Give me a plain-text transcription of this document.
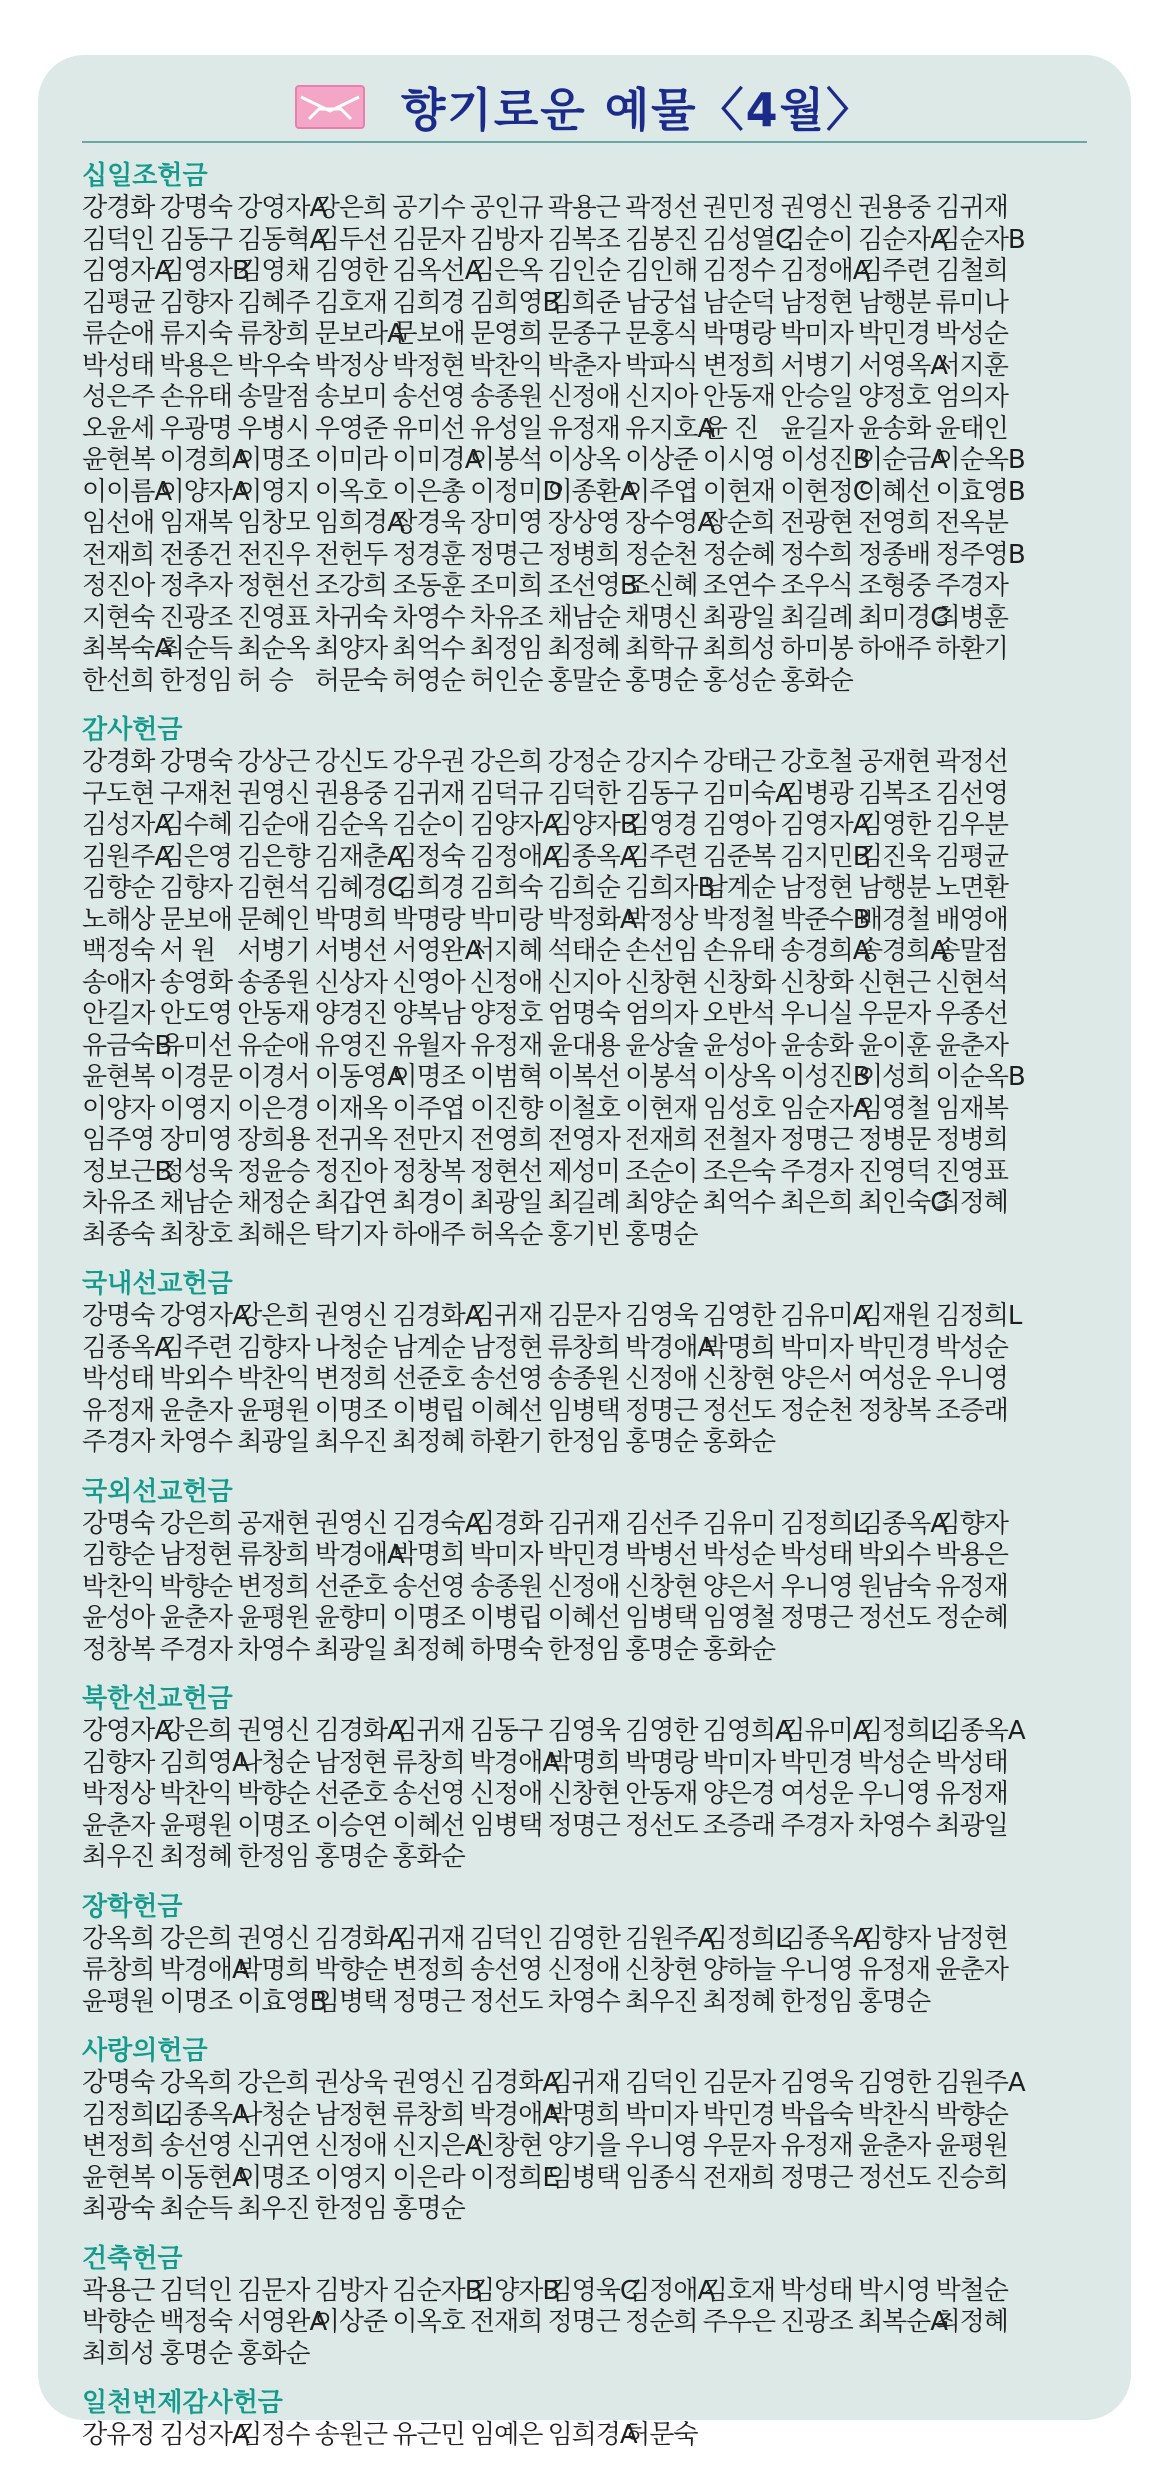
향기로운 예물〈4월〉
십일조헌금
강경화 강명숙 강영자A
강은희 공기수 공인규 곽용근 곽정선 권민정 권영신 권용중 김귀재
김덕인 김동구 김동혁A
김두선 김문자 김방자 김복조 김봉진 김성열C
김순이 김순자A
김순자B
김영자A
김영자B
김영채 김영한 김옥선A
김은옥 김인순 김인해 김정수 김정애A
김주련 김철희
김평균 김향자 김혜주 김호재 김희경 김희영B
김희준 남궁섭 남순덕 남정현 남행분 류미나
류순애 류지숙 류창희 문보라A
문보애 문영희 문종구 문홍식 박명랑 박미자 박민경 박성순
박성태 박용은 박우숙 박정상 박정현 박찬익 박춘자 박파식 변정희 서병기 서영옥A
서지훈
성은주 손유태 송말점 송보미 송선영 송종원 신정애 신지아 안동재 안승일 양정호 엄의자
오윤세 우광명 우병시 우영준 유미선 유성일 유정재 유지호A
윤 진 윤길자 윤송화 윤태인
윤현복 이경희A
이명조 이미라 이미경A
이봉석 이상옥 이상준 이시영 이성진B
이순금A
이순옥B
이이름A
이양자A
이영지 이옥호 이은총 이정미D
이종환A
이주엽 이현재 이현정C
이혜선 이효영B
임선애 임재복 임창모 임희경A
장경욱 장미영 장상영 장수영A
장순희 전광현 전영희 전옥분
전재희 전종건 전진우 전헌두 정경훈 정명근 정병희 정순천 정순혜 정수희 정종배 정주영B
정진아 정추자 정현선 조강희 조동훈 조미희 조선영B
조신혜 조연수 조우식 조형중 주경자
지현숙 진광조 진영표 차귀숙 차영수 차유조 채남순 채명신 최광일 최길례 최미경C
최병훈
최복숙A
최순득 최순옥 최양자 최억수 최정임 최정혜 최학규 최희성 하미봉 하애주 하환기
한선희 한정임 허 승 허문숙 허영순 허인순 홍말순 홍명순 홍성순 홍화순
감사헌금
강경화 강명숙 강상근 강신도 강우권 강은희 강정순 강지수 강태근 강호철 공재현 곽정선
구도현 구재천 권영신 권용중 김귀재 김덕규 김덕한 김동구 김미숙A
김병광 김복조 김선영
김성자A
김수혜 김순애 김순옥 김순이 김양자A
김양자B
김영경 김영아 김영자A
김영한 김우분
김원주A
김은영 김은향 김재춘A
김정숙 김정애A
김종옥A
김주련 김준복 김지민B
김진욱 김평균
김향순 김향자 김현석 김혜경C
김희경 김희숙 김희순 김희자B
남계순 남정현 남행분 노면환
노해상 문보애 문혜인 박명희 박명랑 박미랑 박정화A
박정상 박정철 박준수B
배경철 배영애
백정숙 서 원 서병기 서병선 서영완A
서지혜 석태순 손선임 손유태 송경희A
송경희A
송말점
송애자 송영화 송종원 신상자 신영아 신정애 신지아 신창현 신창화 신창화 신현근 신현석
안길자 안도영 안동재 양경진 양복남 양정호 엄명숙 엄의자 오반석 우니실 우문자 우종선
유금숙B
유미선 유순애 유영진 유월자 유정재 윤대용 윤상술 윤성아 윤송화 윤이훈 윤춘자
윤현복 이경문 이경서 이동영A
이명조 이범혁 이복선 이봉석 이상옥 이성진B
이성희 이순옥B
이양자 이영지 이은경 이재옥 이주엽 이진향 이철호 이현재 임성호 임순자A
임영철 임재복
임주영 장미영 장희용 전귀옥 전만지 전영희 전영자 전재희 전철자 정명근 정병문 정병희
정보근B
정성욱 정윤승 정진아 정창복 정현선 제성미 조순이 조은숙 주경자 진영덕 진영표
차유조 채남순 채정순 최갑연 최경이 최광일 최길례 최양순 최억수 최은희 최인숙C
최정혜
최종숙 최창호 최해은 탁기자 하애주 허옥순 홍기빈 홍명순
국내선교헌금
강명숙 강영자A
강은희 권영신 김경화A
김귀재 김문자 김영욱 김영한 김유미A
김재원 김정희L
김종옥A
김주련 김향자 나청순 남계순 남정현 류창희 박경애A
박명희 박미자 박민경 박성순
박성태 박외수 박찬익 변정희 선준호 송선영 송종원 신정애 신창현 양은서 여성운 우니영
유정재 윤춘자 윤평원 이명조 이병립 이혜선 임병택 정명근 정선도 정순천 정창복 조증래
주경자 차영수 최광일 최우진 최정혜 하환기 한정임 홍명순 홍화순
국외선교헌금
강명숙 강은희 공재현 권영신 김경숙A
김경화 김귀재 김선주 김유미 김정희L
김종옥A
김향자
김향순 남정현 류창희 박경애A
박명희 박미자 박민경 박병선 박성순 박성태 박외수 박용은
박찬익 박향순 변정희 선준호 송선영 송종원 신정애 신창현 양은서 우니영 원남숙 유정재
윤성아 윤춘자 윤평원 윤향미 이명조 이병립 이혜선 임병택 임영철 정명근 정선도 정순혜
정창복 주경자 차영수 최광일 최정혜 하명숙 한정임 홍명순 홍화순
북한선교헌금
강영자A
강은희 권영신 김경화A
김귀재 김동구 김영욱 김영한 김영희A
김유미A
김정희L
김종옥A
김향자 김희영A
나청순 남정현 류창희 박경애A
박명희 박명랑 박미자 박민경 박성순 박성태
박정상 박찬익 박향순 선준호 송선영 신정애 신창현 안동재 양은경 여성운 우니영 유정재
윤춘자 윤평원 이명조 이승연 이혜선 임병택 정명근 정선도 조증래 주경자 차영수 최광일
최우진 최정혜 한정임 홍명순 홍화순
장학헌금
강옥희 강은희 권영신 김경화A
김귀재 김덕인 김영한 김원주A
김정희L
김종옥A
김향자 남정현
류창희 박경애A
박명희 박향순 변정희 송선영 신정애 신창현 양하늘 우니영 유정재 윤춘자
윤평원 이명조 이효영B
임병택 정명근 정선도 차영수 최우진 최정혜 한정임 홍명순
사랑의헌금
강명숙 강옥희 강은희 권상욱 권영신 김경화A
김귀재 김덕인 김문자 김영욱 김영한 김원주A
김정희L
김종옥A
나청순 남정현 류창희 박경애A
박명희 박미자 박민경 박읍숙 박찬식 박향순
변정희 송선영 신귀연 신정애 신지은A
신창현 양기을 우니영 우문자 유정재 윤춘자 윤평원
윤현복 이동현A
이명조 이영지 이은라 이정희E
임병택 임종식 전재희 정명근 정선도 진승희
최광숙 최순득 최우진 한정임 홍명순
건축헌금
곽용근 김덕인 김문자 김방자 김순자B
김양자B
김영욱C
김정애A
김호재 박성태 박시영 박철순
박향순 백정숙 서영완A
이상준 이옥호 전재희 정명근 정순희 주우은 진광조 최복순A
최정혜
최희성 홍명순 홍화순
일천번제감사헌금
강유정 김성자A
김정수 송원근 유근민 임예은 임희경A
허문숙
